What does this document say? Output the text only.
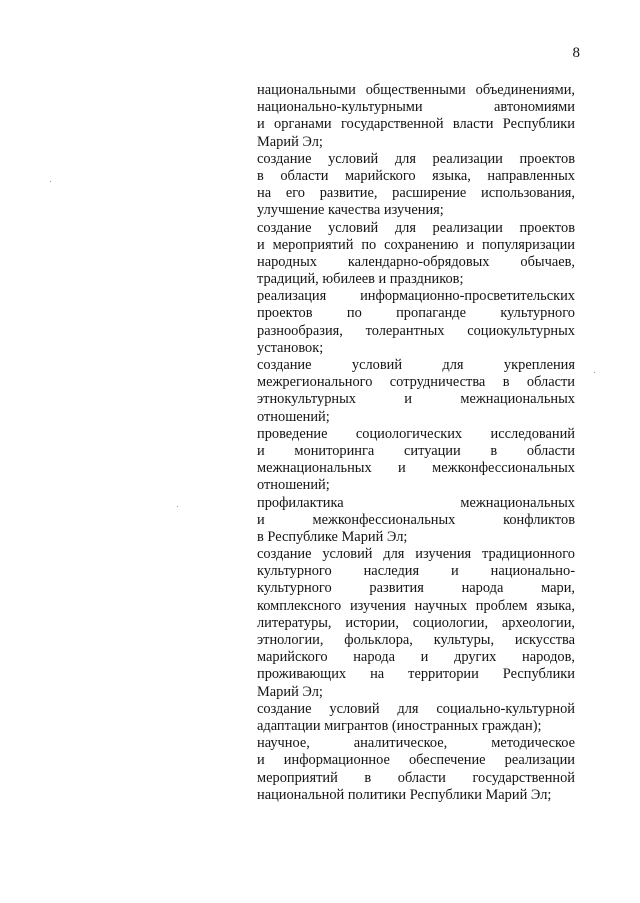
8
национальными общественными объединениями,
национально-культурными автономиями
и органами государственной власти Республики
Марий Эл;
создание условий для реализации проектов
в области марийского языка, направленных
на его развитие, расширение использования,
улучшение качества изучения;
создание условий для реализации проектов
и мероприятий по сохранению и популяризации
народных календарно-обрядовых обычаев,
традиций, юбилеев и праздников;
реализация информационно-просветительских
проектов по пропаганде культурного
разнообразия, толерантных социокультурных
установок;
создание условий для укрепления
межрегионального сотрудничества в области
этнокультурных и межнациональных
отношений;
проведение социологических исследований
и мониторинга ситуации в области
межнациональных и межконфессиональных
отношений;
профилактика межнациональных
и межконфессиональных конфликтов
в Республике Марий Эл;
создание условий для изучения традиционного
культурного наследия и национально-
культурного развития народа мари,
комплексного изучения научных проблем языка,
литературы, истории, социологии, археологии,
этнологии, фольклора, культуры, искусства
марийского народа и других народов,
проживающих на территории Республики
Марий Эл;
создание условий для социально-культурной
адаптации мигрантов (иностранных граждан);
научное, аналитическое, методическое
и информационное обеспечение реализации
мероприятий в области государственной
национальной политики Республики Марий Эл;
